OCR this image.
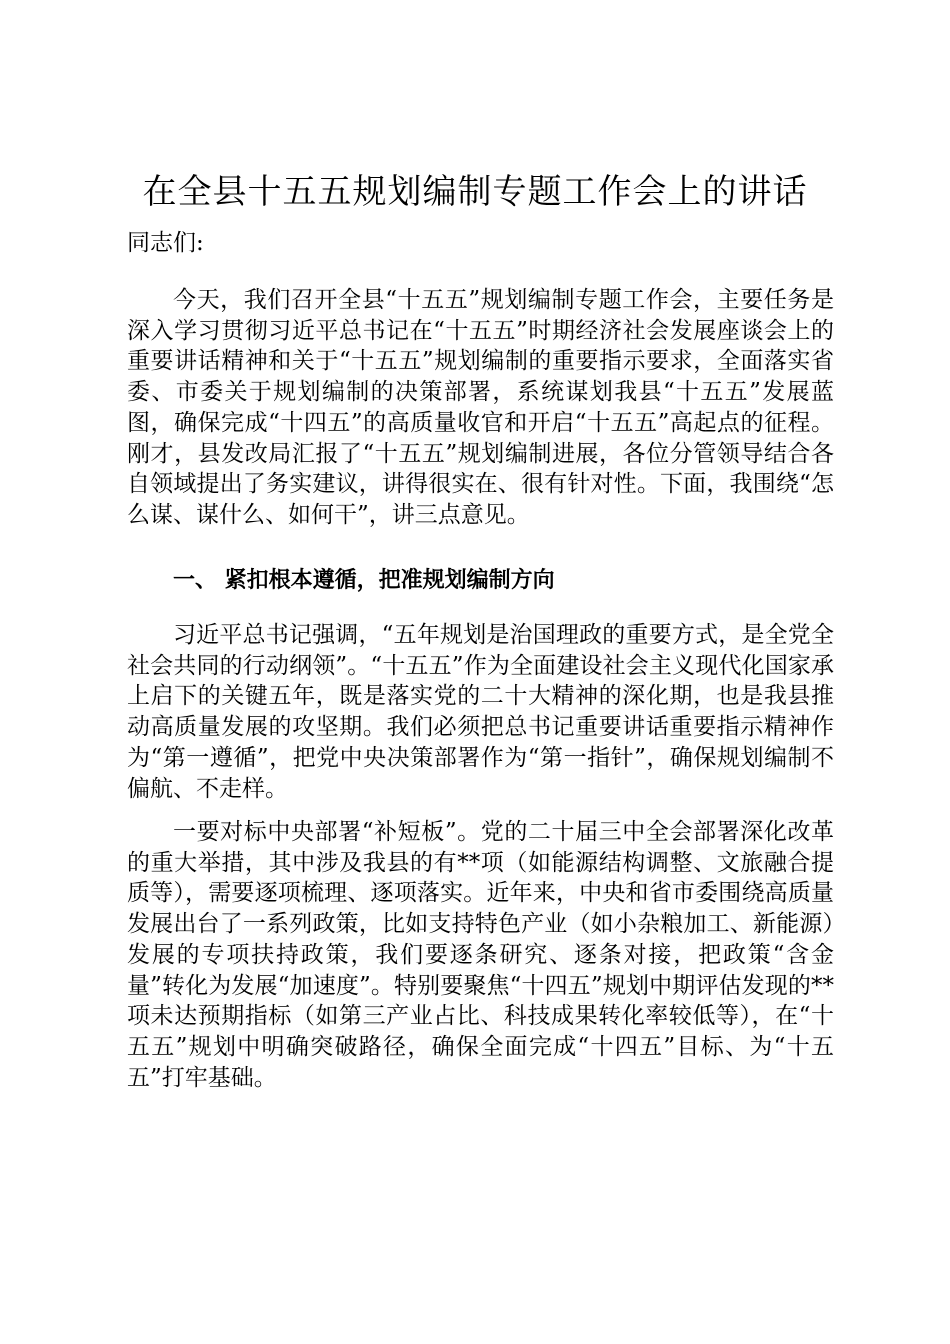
在全县十五五规划编制专题工作会上的讲话
同志们:

今天，我们召开全县“十五五”规划编制专题工作会，主要任务是深入学习贯彻习近平总书记在“十五五”时期经济社会发展座谈会上的重要讲话精神和关于“十五五”规划编制的重要指示要求，全面落实省委、市委关于规划编制的决策部署，系统谋划我县“十五五”发展蓝图，确保完成“十四五”的高质量收官和开启“十五五”高起点的征程。刚才，县发改局汇报了“十五五”规划编制进展，各位分管领导结合各自领域提出了务实建议，讲得很实在、很有针对性。下面，我围绕“怎么谋、谋什么、如何干”，讲三点意见。

一、 紧扣根本遵循，把准规划编制方向

习近平总书记强调，“五年规划是治国理政的重要方式，是全党全社会共同的行动纲领”。“十五五”作为全面建设社会主义现代化国家承上启下的关键五年，既是落实党的二十大精神的深化期，也是我县推动高质量发展的攻坚期。我们必须把总书记重要讲话重要指示精神作为“第一遵循”，把党中央决策部署作为“第一指针”，确保规划编制不偏航、不走样。

一要对标中央部署“补短板”。党的二十届三中全会部署深化改革的重大举措，其中涉及我县的有**项（如能源结构调整、文旅融合提质等），需要逐项梳理、逐项落实。近年来，中央和省市委围绕高质量发展出台了一系列政策，比如支持特色产业（如小杂粮加工、新能源）发展的专项扶持政策，我们要逐条研究、逐条对接，把政策“含金量”转化为发展“加速度”。特别要聚焦“十四五”规划中期评估发现的**项未达预期指标（如第三产业占比、科技成果转化率较低等），在“十五五”规划中明确突破路径，确保全面完成“十四五”目标、为“十五五”打牢基础。
